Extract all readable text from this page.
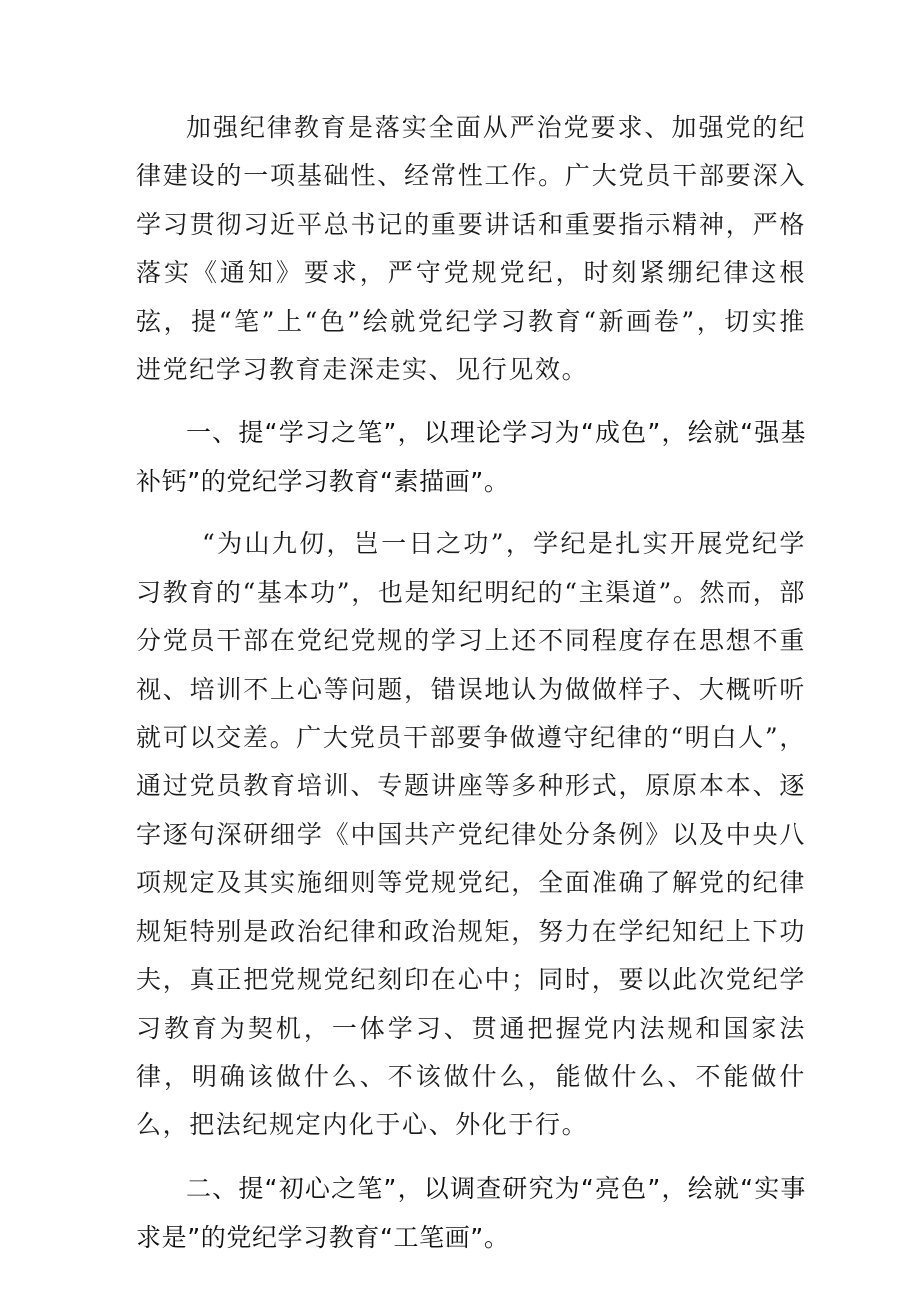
加强纪律教育是落实全面从严治党要求、加强党的纪律建设的一项基础性、经常性工作。广大党员干部要深入学习贯彻习近平总书记的重要讲话和重要指示精神，严格落实《通知》要求，严守党规党纪，时刻紧绷纪律这根弦，提“笔”上“色”绘就党纪学习教育“新画卷”，切实推进党纪学习教育走深走实、见行见效。

一、提“学习之笔”，以理论学习为“成色”，绘就“强基补钙”的党纪学习教育“素描画”。

“为山九仞，岂一日之功”，学纪是扎实开展党纪学习教育的“基本功”，也是知纪明纪的“主渠道”。然而，部分党员干部在党纪党规的学习上还不同程度存在思想不重视、培训不上心等问题，错误地认为做做样子、大概听听就可以交差。广大党员干部要争做遵守纪律的“明白人”，通过党员教育培训、专题讲座等多种形式，原原本本、逐字逐句深研细学《中国共产党纪律处分条例》以及中央八项规定及其实施细则等党规党纪，全面准确了解党的纪律规矩特别是政治纪律和政治规矩，努力在学纪知纪上下功夫，真正把党规党纪刻印在心中；同时，要以此次党纪学习教育为契机，一体学习、贯通把握党内法规和国家法律，明确该做什么、不该做什么，能做什么、不能做什么，把法纪规定内化于心、外化于行。

二、提“初心之笔”，以调查研究为“亮色”，绘就“实事求是”的党纪学习教育“工笔画”。
